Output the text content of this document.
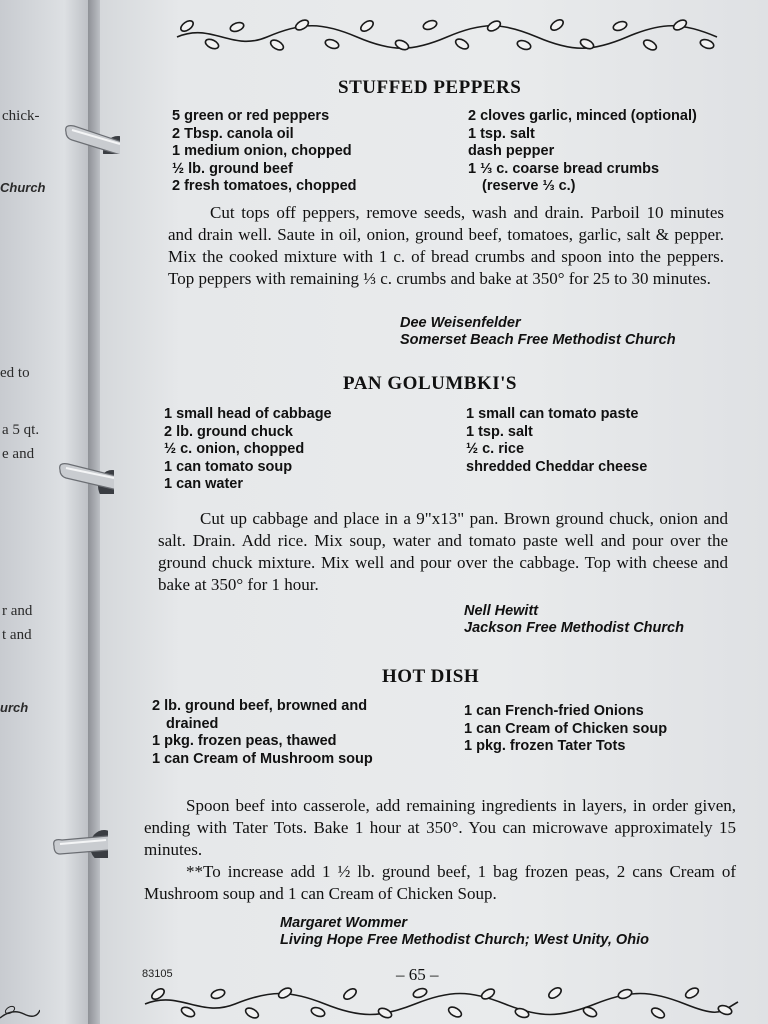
chick-
Church
ed to
a 5 qt.
e and
r and
t and
urch
STUFFED PEPPERS
5 green or red peppers
2 Tbsp. canola oil
1 medium onion, chopped
½ lb. ground beef
2 fresh tomatoes, chopped
2 cloves garlic, minced (optional)
1 tsp. salt
dash pepper
1 ⅓ c. coarse bread crumbs
(reserve ⅓ c.)

Cut tops off peppers, remove seeds, wash and drain. Parboil 10 minutes and drain well. Saute in oil, onion, ground beef, tomatoes, garlic, salt & pepper. Mix the cooked mixture with 1 c. of bread crumbs and spoon into the peppers. Top peppers with remaining ⅓ c. crumbs and bake at 350° for 25 to 30 minutes.

Dee Weisenfelder
Somerset Beach Free Methodist Church
PAN GOLUMBKI'S
1 small head of cabbage
2 lb. ground chuck
½ c. onion, chopped
1 can tomato soup
1 can water
1 small can tomato paste
1 tsp. salt
½ c. rice
shredded Cheddar cheese

Cut up cabbage and place in a 9"x13" pan. Brown ground chuck, onion and salt. Drain. Add rice. Mix soup, water and tomato paste well and pour over the ground chuck mixture. Mix well and pour over the cabbage. Top with cheese and bake at 350° for 1 hour.

Nell Hewitt
Jackson Free Methodist Church
HOT DISH
2 lb. ground beef, browned and
drained
1 pkg. frozen peas, thawed
1 can Cream of Mushroom soup
1 can French-fried Onions
1 can Cream of Chicken soup
1 pkg. frozen Tater Tots

Spoon beef into casserole, add remaining ingredients in layers, in order given, ending with Tater Tots. Bake 1 hour at 350°. You can microwave approximately 15 minutes.

**To increase add 1 ½ lb. ground beef, 1 bag frozen peas, 2 cans Cream of Mushroom soup and 1 can Cream of Chicken Soup.

Margaret Wommer
Living Hope Free Methodist Church; West Unity, Ohio
83105	– 65 –
